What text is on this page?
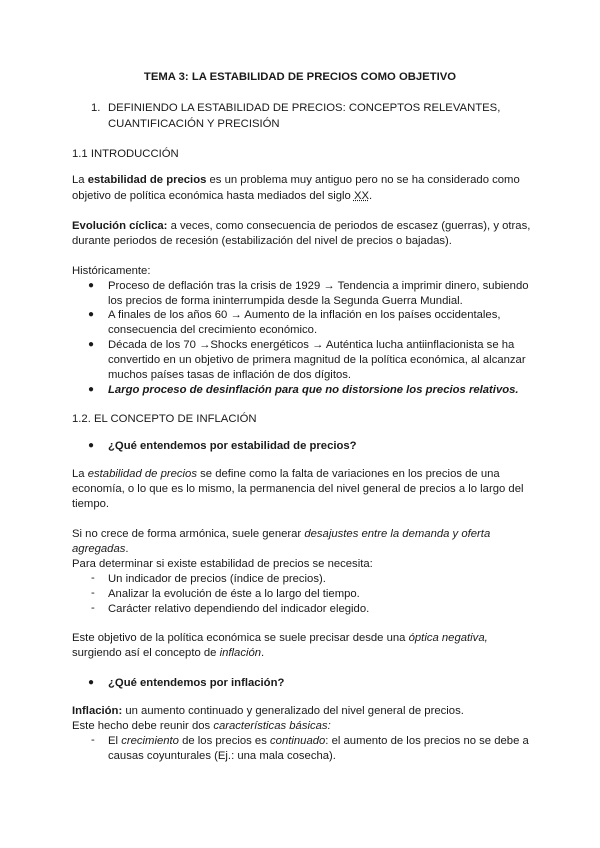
TEMA 3: LA ESTABILIDAD DE PRECIOS COMO OBJETIVO

1. DEFINIENDO LA ESTABILIDAD DE PRECIOS: CONCEPTOS RELEVANTES,

CUANTIFICACIÓN Y PRECISIÓN

1.1 INTRODUCCIÓN

La estabilidad de precios es un problema muy antiguo pero no se ha considerado como

objetivo de política económica hasta mediados del siglo XX.

Evolución cíclica: a veces, como consecuencia de periodos de escasez (guerras), y otras,

durante periodos de recesión (estabilización del nivel de precios o bajadas).

Históricamente:

● Proceso de deflación tras la crisis de 1929 → Tendencia a imprimir dinero, subiendo

los precios de forma ininterrumpida desde la Segunda Guerra Mundial.

● A finales de los años 60 → Aumento de la inflación en los países occidentales,

consecuencia del crecimiento económico.

● Década de los 70 →Shocks energéticos → Auténtica lucha antiinflacionista se ha

convertido en un objetivo de primera magnitud de la política económica, al alcanzar

muchos países tasas de inflación de dos dígitos.

● Largo proceso de desinflación para que no distorsione los precios relativos.

1.2. EL CONCEPTO DE INFLACIÓN

● ¿Qué entendemos por estabilidad de precios?

La estabilidad de precios se define como la falta de variaciones en los precios de una

economía, o lo que es lo mismo, la permanencia del nivel general de precios a lo largo del

tiempo.

Si no crece de forma armónica, suele generar desajustes entre la demanda y oferta

agregadas.

Para determinar si existe estabilidad de precios se necesita:

- Un indicador de precios (índice de precios).

- Analizar la evolución de éste a lo largo del tiempo.

- Carácter relativo dependiendo del indicador elegido.

Este objetivo de la política económica se suele precisar desde una óptica negativa,

surgiendo así el concepto de inflación.

● ¿Qué entendemos por inflación?

Inflación: un aumento continuado y generalizado del nivel general de precios.

Este hecho debe reunir dos características básicas:

- El crecimiento de los precios es continuado: el aumento de los precios no se debe a

causas coyunturales (Ej.: una mala cosecha).
